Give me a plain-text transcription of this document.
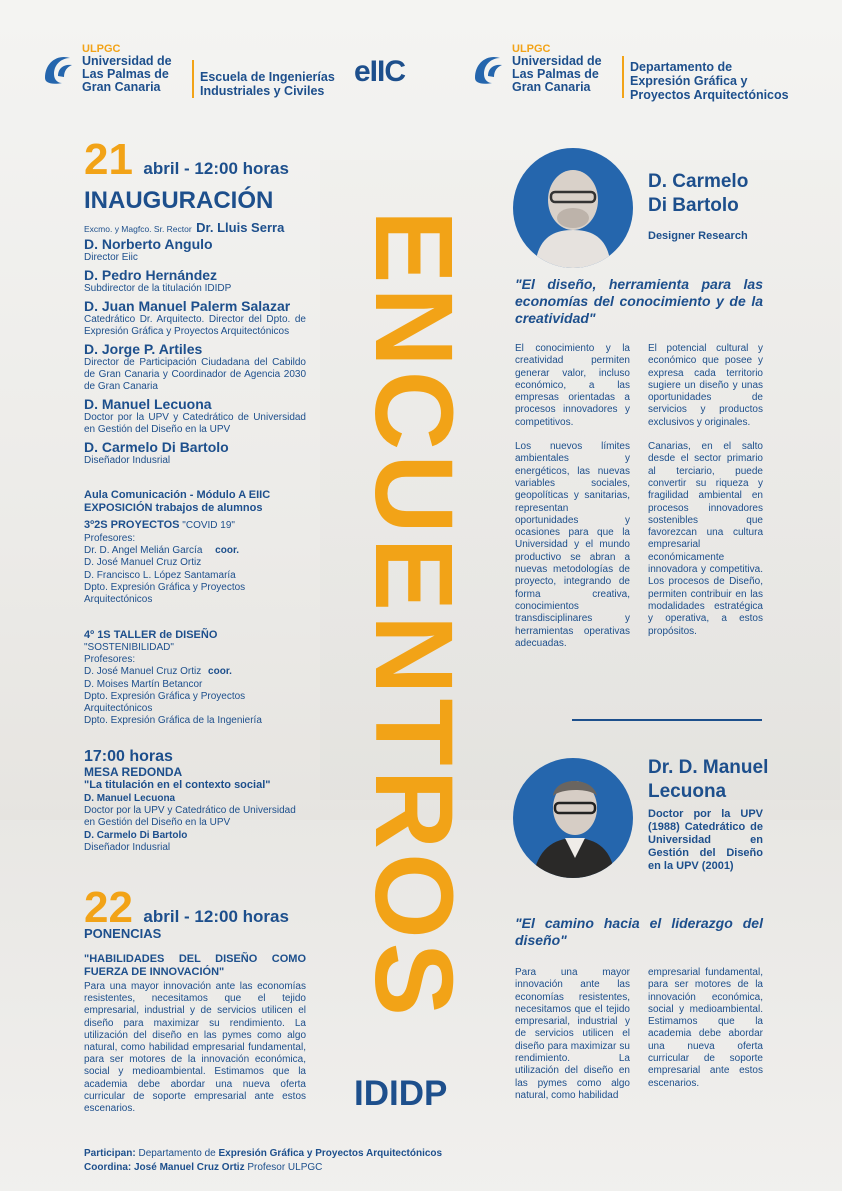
ULPGC
Universidad de
Las Palmas de
Gran Canaria
Escuela de Ingenierías
Industriales y Civiles
eIIC
ULPGC
Universidad de
Las Palmas de
Gran Canaria
Departamento de
Expresión Gráfica y
Proyectos Arquitectónicos
ENCUENTROS
IDIDP
21 abril - 12:00 horas
INAUGURACIÓN
Excmo. y Magfco. Sr. Rector Dr. Lluis Serra
D. Norberto Angulo
Director Eiic
D. Pedro Hernández
Subdirector de la titulación IDIDP
D. Juan Manuel Palerm Salazar
Catedrático Dr. Arquitecto. Director del Dpto. de Expresión Gráfica y Proyectos Arquitectónicos
D. Jorge P. Artiles
Director de Participación Ciudadana del Cabildo de Gran Canaria y Coordinador de Agencia 2030 de Gran Canaria
D. Manuel Lecuona
Doctor por la UPV y Catedrático de Universidad en Gestión del Diseño en la UPV
D. Carmelo Di Bartolo
Diseñador Indusrial
Aula Comunicación - Módulo A EIIC
EXPOSICIÓN trabajos de alumnos
3º2S PROYECTOS "COVID 19"
Profesores:
Dr. D. Angel Melián García coor.
D. José Manuel Cruz Ortiz
D. Francisco L. López Santamaría
Dpto. Expresión Gráfica y Proyectos Arquitectónicos
4º 1S TALLER de DISEÑO
"SOSTENIBILIDAD"
Profesores:
D. José Manuel Cruz Ortiz coor.
D. Moises Martín Betancor
Dpto. Expresión Gráfica y Proyectos Arquitectónicos
Dpto. Expresión Gráfica de la Ingeniería
17:00 horas
MESA REDONDA
"La titulación en el contexto social"
D. Manuel Lecuona
Doctor por la UPV y Catedrático de Universidad en Gestión del Diseño en la UPV
D. Carmelo Di Bartolo
Diseñador Indusrial
22 abril - 12:00 horas
PONENCIAS
"HABILIDADES DEL DISEÑO COMO FUERZA DE INNOVACIÓN"
Para una mayor innovación ante las economías resistentes, necesitamos que el tejido empresarial, industrial y de servicios utilicen el diseño para maximizar su rendimiento. La utilización del diseño en las pymes como algo natural, como habilidad empresarial fundamental, para ser motores de la innovación económica, social y medioambiental. Estimamos que la academia debe abordar una nueva oferta curricular de soporte empresarial ante estos escenarios.
D. Carmelo
Di Bartolo
Designer Research
"El diseño, herramienta para las economías del conocimiento y de la creatividad"
El conocimiento y la creatividad permiten generar valor, incluso económico, a las empresas orientadas a procesos innovadores y competitivos.
Los nuevos límites ambientales y energéticos, las nuevas variables sociales, geopolíticas y sanitarias, representan oportunidades y ocasiones para que la Universidad y el mundo productivo se abran a nuevas metodologías de proyecto, integrando de forma creativa, conocimientos transdisciplinares y herramientas operativas adecuadas.
El potencial cultural y económico que posee y expresa cada territorio sugiere un diseño y unas oportunidades de servicios y productos exclusivos y originales.
Canarias, en el salto desde el sector primario al terciario, puede convertir su riqueza y fragilidad ambiental en procesos innovadores sostenibles que favorezcan una cultura empresarial económicamente innovadora y competitiva. Los procesos de Diseño, permiten contribuir en las modalidades estratégica y operativa, a estos propósitos.
Dr. D. Manuel
Lecuona
Doctor por la UPV (1988) Catedrático de Universidad en Gestión del Diseño en la UPV (2001)
"El camino hacia el liderazgo del diseño"
Para una mayor innovación ante las economías resistentes, necesitamos que el tejido empresarial, industrial y de servicios utilicen el diseño para maximizar su rendimiento. La utilización del diseño en las pymes como algo natural, como habilidad
empresarial fundamental, para ser motores de la innovación económica, social y medioambiental. Estimamos que la academia debe abordar una nueva oferta curricular de soporte empresarial ante estos escenarios.
Participan: Departamento de Expresión Gráfica y Proyectos Arquitectónicos
Coordina: José Manuel Cruz Ortiz Profesor ULPGC
